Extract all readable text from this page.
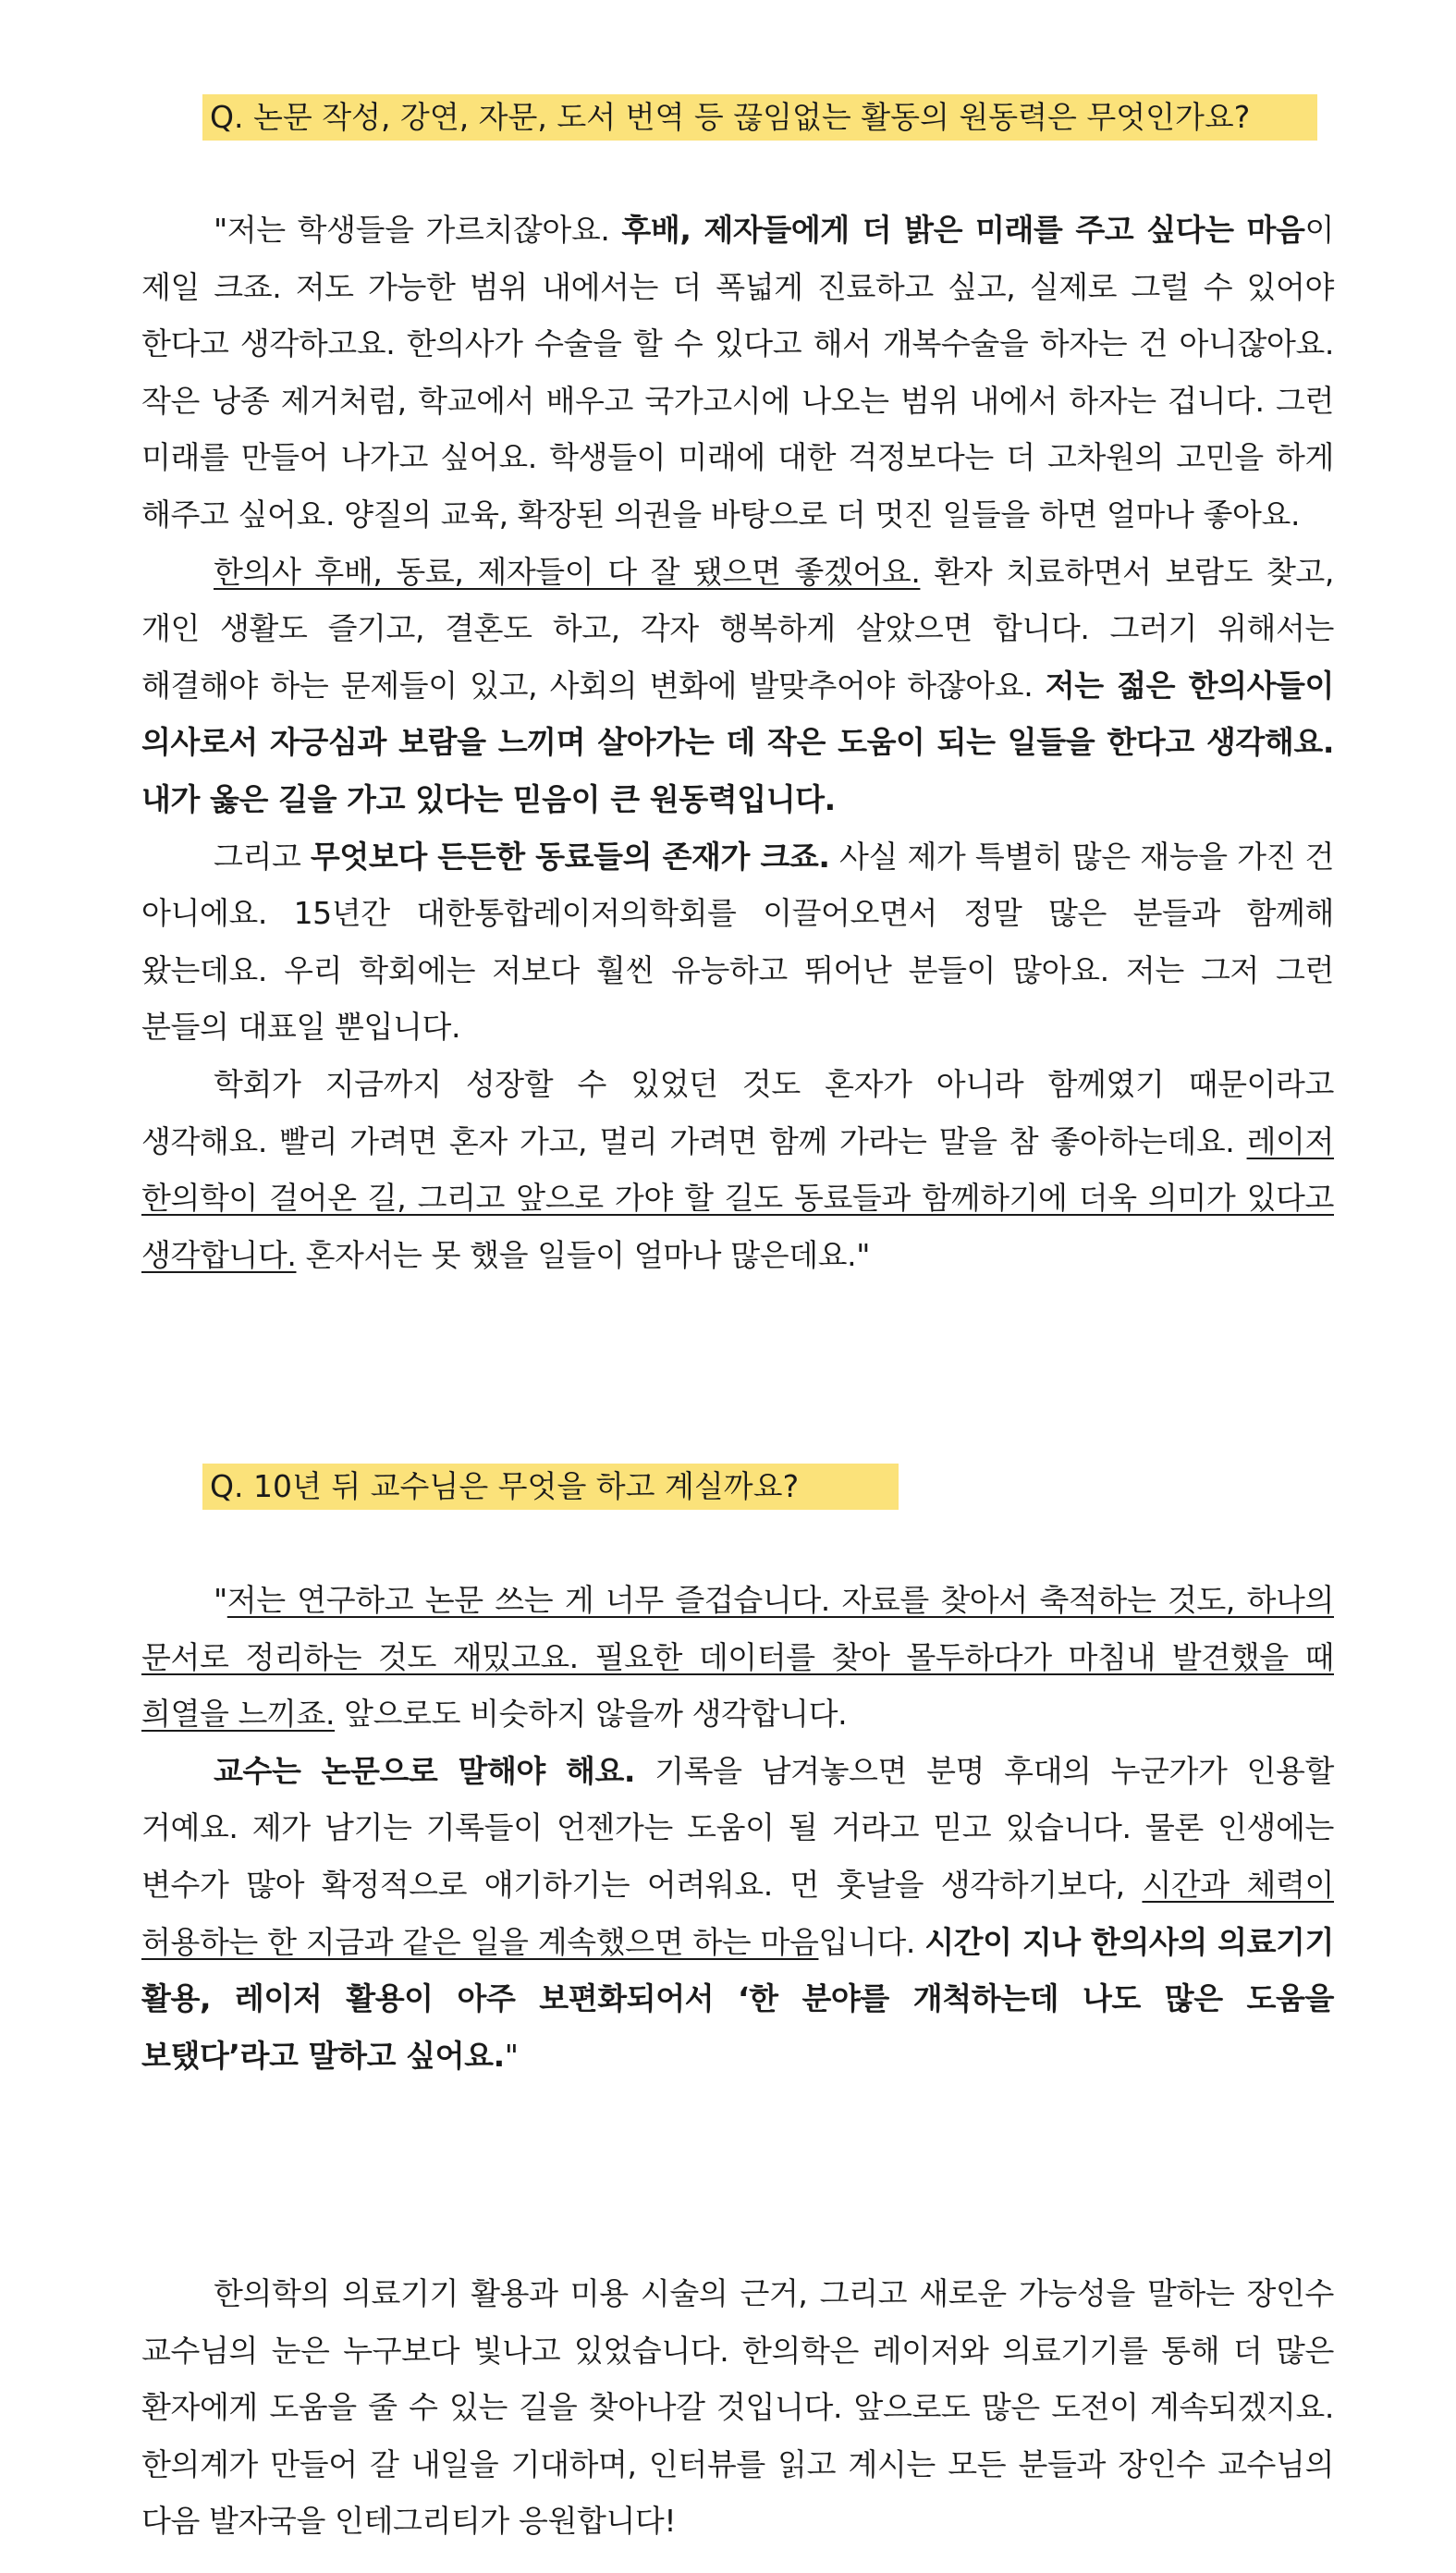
Q. 논문 작성, 강연, 자문, 도서 번역 등 끊임없는 활동의 원동력은 무엇인가요?

"저는 학생들을 가르치잖아요. 후배, 제자들에게 더 밝은 미래를 주고 싶다는 마음이 제일 크죠. 저도 가능한 범위 내에서는 더 폭넓게 진료하고 싶고, 실제로 그럴 수 있어야 한다고 생각하고요. 한의사가 수술을 할 수 있다고 해서 개복수술을 하자는 건 아니잖아요. 작은 낭종 제거처럼, 학교에서 배우고 국가고시에 나오는 범위 내에서 하자는 겁니다. 그런 미래를 만들어 나가고 싶어요. 학생들이 미래에 대한 걱정보다는 더 고차원의 고민을 하게 해주고 싶어요. 양질의 교육, 확장된 의권을 바탕으로 더 멋진 일들을 하면 얼마나 좋아요.

한의사 후배, 동료, 제자들이 다 잘 됐으면 좋겠어요. 환자 치료하면서 보람도 찾고, 개인 생활도 즐기고, 결혼도 하고, 각자 행복하게 살았으면 합니다. 그러기 위해서는 해결해야 하는 문제들이 있고, 사회의 변화에 발맞추어야 하잖아요. 저는 젊은 한의사들이 의사로서 자긍심과 보람을 느끼며 살아가는 데 작은 도움이 되는 일들을 한다고 생각해요. 내가 옳은 길을 가고 있다는 믿음이 큰 원동력입니다.

그리고 무엇보다 든든한 동료들의 존재가 크죠. 사실 제가 특별히 많은 재능을 가진 건 아니에요. 15년간 대한통합레이저의학회를 이끌어오면서 정말 많은 분들과 함께해 왔는데요. 우리 학회에는 저보다 훨씬 유능하고 뛰어난 분들이 많아요. 저는 그저 그런 분들의 대표일 뿐입니다.

학회가 지금까지 성장할 수 있었던 것도 혼자가 아니라 함께였기 때문이라고 생각해요. 빨리 가려면 혼자 가고, 멀리 가려면 함께 가라는 말을 참 좋아하는데요. 레이저 한의학이 걸어온 길, 그리고 앞으로 가야 할 길도 동료들과 함께하기에 더욱 의미가 있다고 생각합니다. 혼자서는 못 했을 일들이 얼마나 많은데요."

Q. 10년 뒤 교수님은 무엇을 하고 계실까요?

"저는 연구하고 논문 쓰는 게 너무 즐겁습니다. 자료를 찾아서 축적하는 것도, 하나의 문서로 정리하는 것도 재밌고요. 필요한 데이터를 찾아 몰두하다가 마침내 발견했을 때 희열을 느끼죠. 앞으로도 비슷하지 않을까 생각합니다.

교수는 논문으로 말해야 해요. 기록을 남겨놓으면 분명 후대의 누군가가 인용할 거예요. 제가 남기는 기록들이 언젠가는 도움이 될 거라고 믿고 있습니다. 물론 인생에는 변수가 많아 확정적으로 얘기하기는 어려워요. 먼 훗날을 생각하기보다, 시간과 체력이 허용하는 한 지금과 같은 일을 계속했으면 하는 마음입니다. 시간이 지나 한의사의 의료기기 활용, 레이저 활용이 아주 보편화되어서 ‘한 분야를 개척하는데 나도 많은 도움을 보탰다’라고 말하고 싶어요."

한의학의 의료기기 활용과 미용 시술의 근거, 그리고 새로운 가능성을 말하는 장인수 교수님의 눈은 누구보다 빛나고 있었습니다. 한의학은 레이저와 의료기기를 통해 더 많은 환자에게 도움을 줄 수 있는 길을 찾아나갈 것입니다. 앞으로도 많은 도전이 계속되겠지요. 한의계가 만들어 갈 내일을 기대하며, 인터뷰를 읽고 계시는 모든 분들과 장인수 교수님의 다음 발자국을 인테그리티가 응원합니다!
